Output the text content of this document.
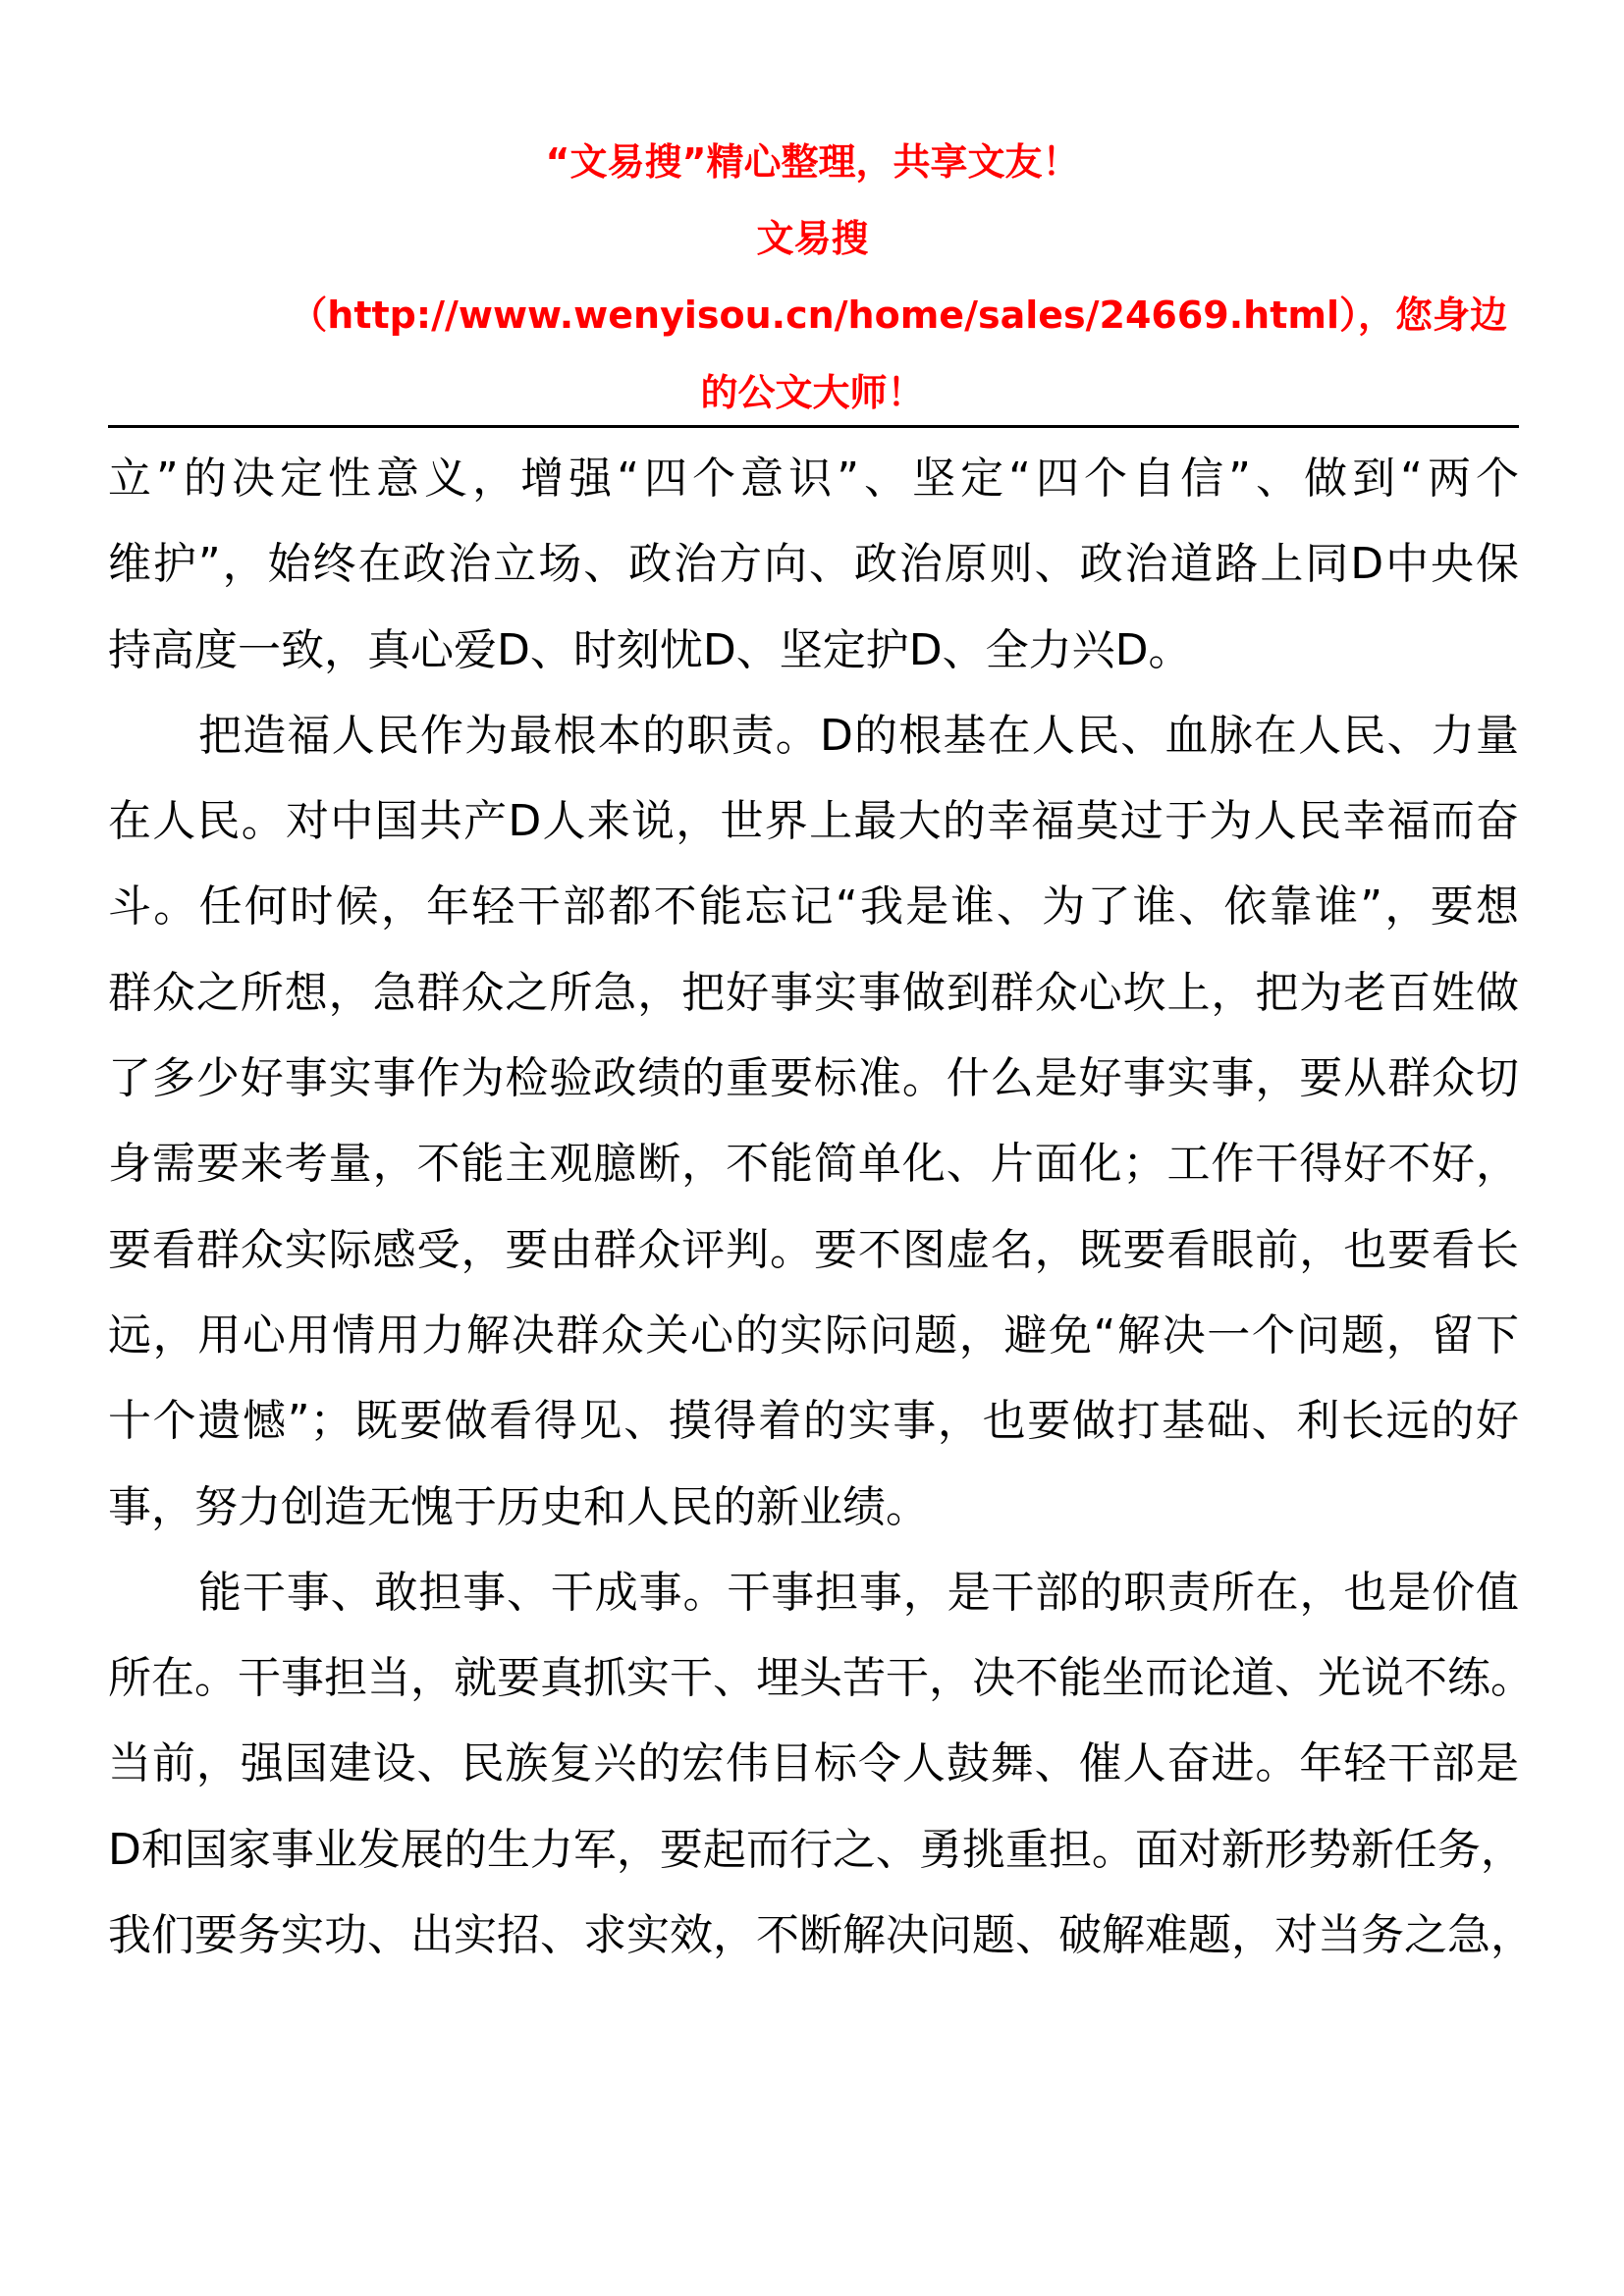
“文易搜”精心整理，共享文友！
文易搜
（http://www.wenyisou.cn/home/sales/24669.html），您身边
的公文大师！
立”的决定性意义，增强“四个意识”、坚定“四个自信”、做到“两个
维护”，始终在政治立场、政治方向、政治原则、政治道路上同D中央保
持高度一致，真心爱D、时刻忧D、坚定护D、全力兴D。
把造福人民作为最根本的职责。D的根基在人民、血脉在人民、力量
在人民。对中国共产D人来说，世界上最大的幸福莫过于为人民幸福而奋
斗。任何时候，年轻干部都不能忘记“我是谁、为了谁、依靠谁”，要想
群众之所想，急群众之所急，把好事实事做到群众心坎上，把为老百姓做
了多少好事实事作为检验政绩的重要标准。什么是好事实事，要从群众切
身需要来考量，不能主观臆断，不能简单化、片面化；工作干得好不好，
要看群众实际感受，要由群众评判。要不图虚名，既要看眼前，也要看长
远，用心用情用力解决群众关心的实际问题，避免“解决一个问题，留下
十个遗憾”；既要做看得见、摸得着的实事，也要做打基础、利长远的好
事，努力创造无愧于历史和人民的新业绩。
能干事、敢担事、干成事。干事担事，是干部的职责所在，也是价值
所在。干事担当，就要真抓实干、埋头苦干，决不能坐而论道、光说不练。
当前，强国建设、民族复兴的宏伟目标令人鼓舞、催人奋进。年轻干部是
D和国家事业发展的生力军，要起而行之、勇挑重担。面对新形势新任务，
我们要务实功、出实招、求实效，不断解决问题、破解难题，对当务之急，
